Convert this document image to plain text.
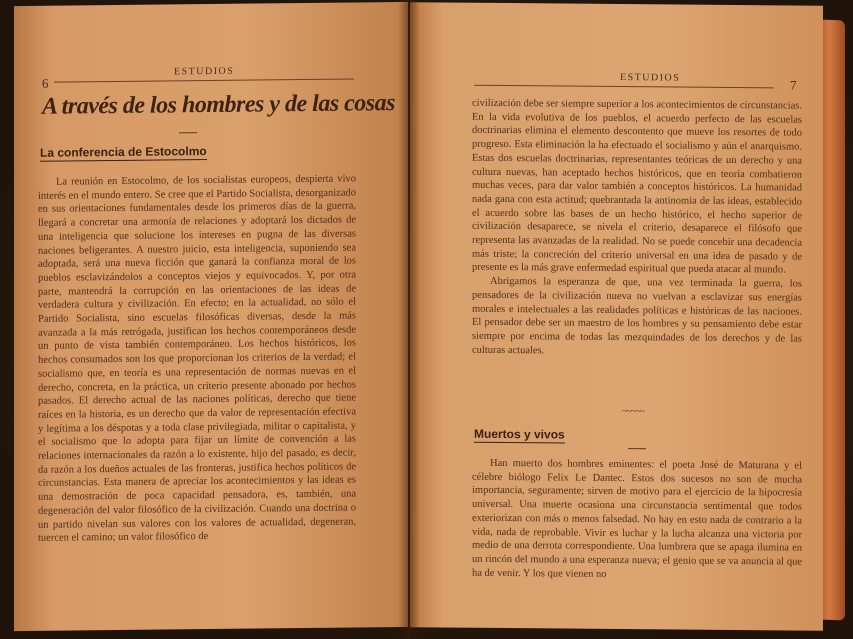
6
ESTUDIOS
A través de los hombres y de las cosas
La conferencia de Estocolmo

La reunión en Estocolmo, de los socialistas europeos, despierta vivo interés en el mundo entero. Se cree que el Partido Socialista, desorganizado en sus orientaciones fundamentales desde los primeros días de la guerra, llegará a concretar una armonía de relaciones y adoptará los dictados de una inteligencia que solucione los intereses en pugna de las diversas naciones beligerantes. A nuestro juicio, esta inteligencia, suponiendo sea adoptada, será una nueva ficción que ganará la confianza moral de los pueblos esclavizándolos a conceptos viejos y equivocados. Y, por otra parte, mantendrá la corrupción en las orientaciones de las ideas de verdadera cultura y civilización. En efecto; en la actualidad, no sólo el Partido Socialista, sino escuelas filosóficas diversas, desde la más avanzada a la más retrógada, justifican los hechos contemporáneos desde un punto de vista también contemporáneo. Los hechos históricos, los hechos consumados son los que proporcionan los criterios de la verdad; el socialismo que, en teoría es una representación de normas nuevas en el derecho, concreta, en la práctica, un criterio presente abonado por hechos pasados. El derecho actual de las naciones políticas, derecho que tiene raíces en la historia, es un derecho que da valor de representación efectiva y legítima a los déspotas y a toda clase privilegiada, militar o capitalista, y el socialismo que lo adopta para fijar un límite de convención a las relaciones internacionales da razón a lo existente, hijo del pasado, es decir, da razón a los dueños actuales de las fronteras, justifica hechos políticos de circunstancias. Esta manera de apreciar los acontecimientos y las ideas es una demostración de poca capacidad pensadora, es, también, una degeneración del valor filosófico de la civilización. Cuando una doctrina o un partido nivelan sus valores con los valores de actualidad, degeneran, tuercen el camino; un valor filosófico de

ESTUDIOS	7

civilización debe ser siempre superior a los acontecimientos de circunstancias. En la vida evolutiva de los pueblos, el acuerdo perfecto de las escuelas doctrinarias elimina el elemento descontento que mueve los resortes de todo progreso. Esta eliminación la ha efectuado el socialismo y aún el anarquismo. Estas dos escuelas doctrinarias, representantes teóricas de un derecho y una cultura nuevas, han aceptado hechos históricos, que en teoría combatieron muchas veces, para dar valor también a conceptos históricos. La humanidad nada gana con esta actitud; quebrantada la antinomia de las ideas, establecido el acuerdo sobre las bases de un hecho histórico, el hecho superior de civilización desaparece, se nivela el criterio, desaparece el filósofo que representa las avanzadas de la realidad. No se puede concebir una decadencia más triste; la concreción del criterio universal en una idea de pasado y de presente es la más grave enfermedad espiritual que pueda atacar al mundo.

Abrigamos la esperanza de que, una vez terminada la guerra, los pensadores de la civilización nueva no vuelvan a esclavizar sus energías morales e intelectuales a las realidades políticas e históricas de las naciones. El pensador debe ser un maestro de los hombres y su pensamiento debe estar siempre por encima de todas las mezquindades de los derechos y de las culturas actuales.

~~~~~
Muertos y vivos

Han muerto dos hombres eminentes: el poeta José de Maturana y el célebre biólogo Felix Le Dantec. Estos dos sucesos no son de mucha importancia, seguramente; sirven de motivo para el ejercicio de la hipocresía universal. Una muerte ocasiona una circunstancia sentimental que todos exteriorizan con más o menos falsedad. No hay en esto nada de contrario a la vida, nada de reprobable. Vivir es luchar y la lucha alcanza una victoria por medio de una derrota correspondiente. Una lumbrera que se apaga ilumina en un rincón del mundo a una esperanza nueva; el genio que se va anuncia al que ha de venir. Y los que vienen no
